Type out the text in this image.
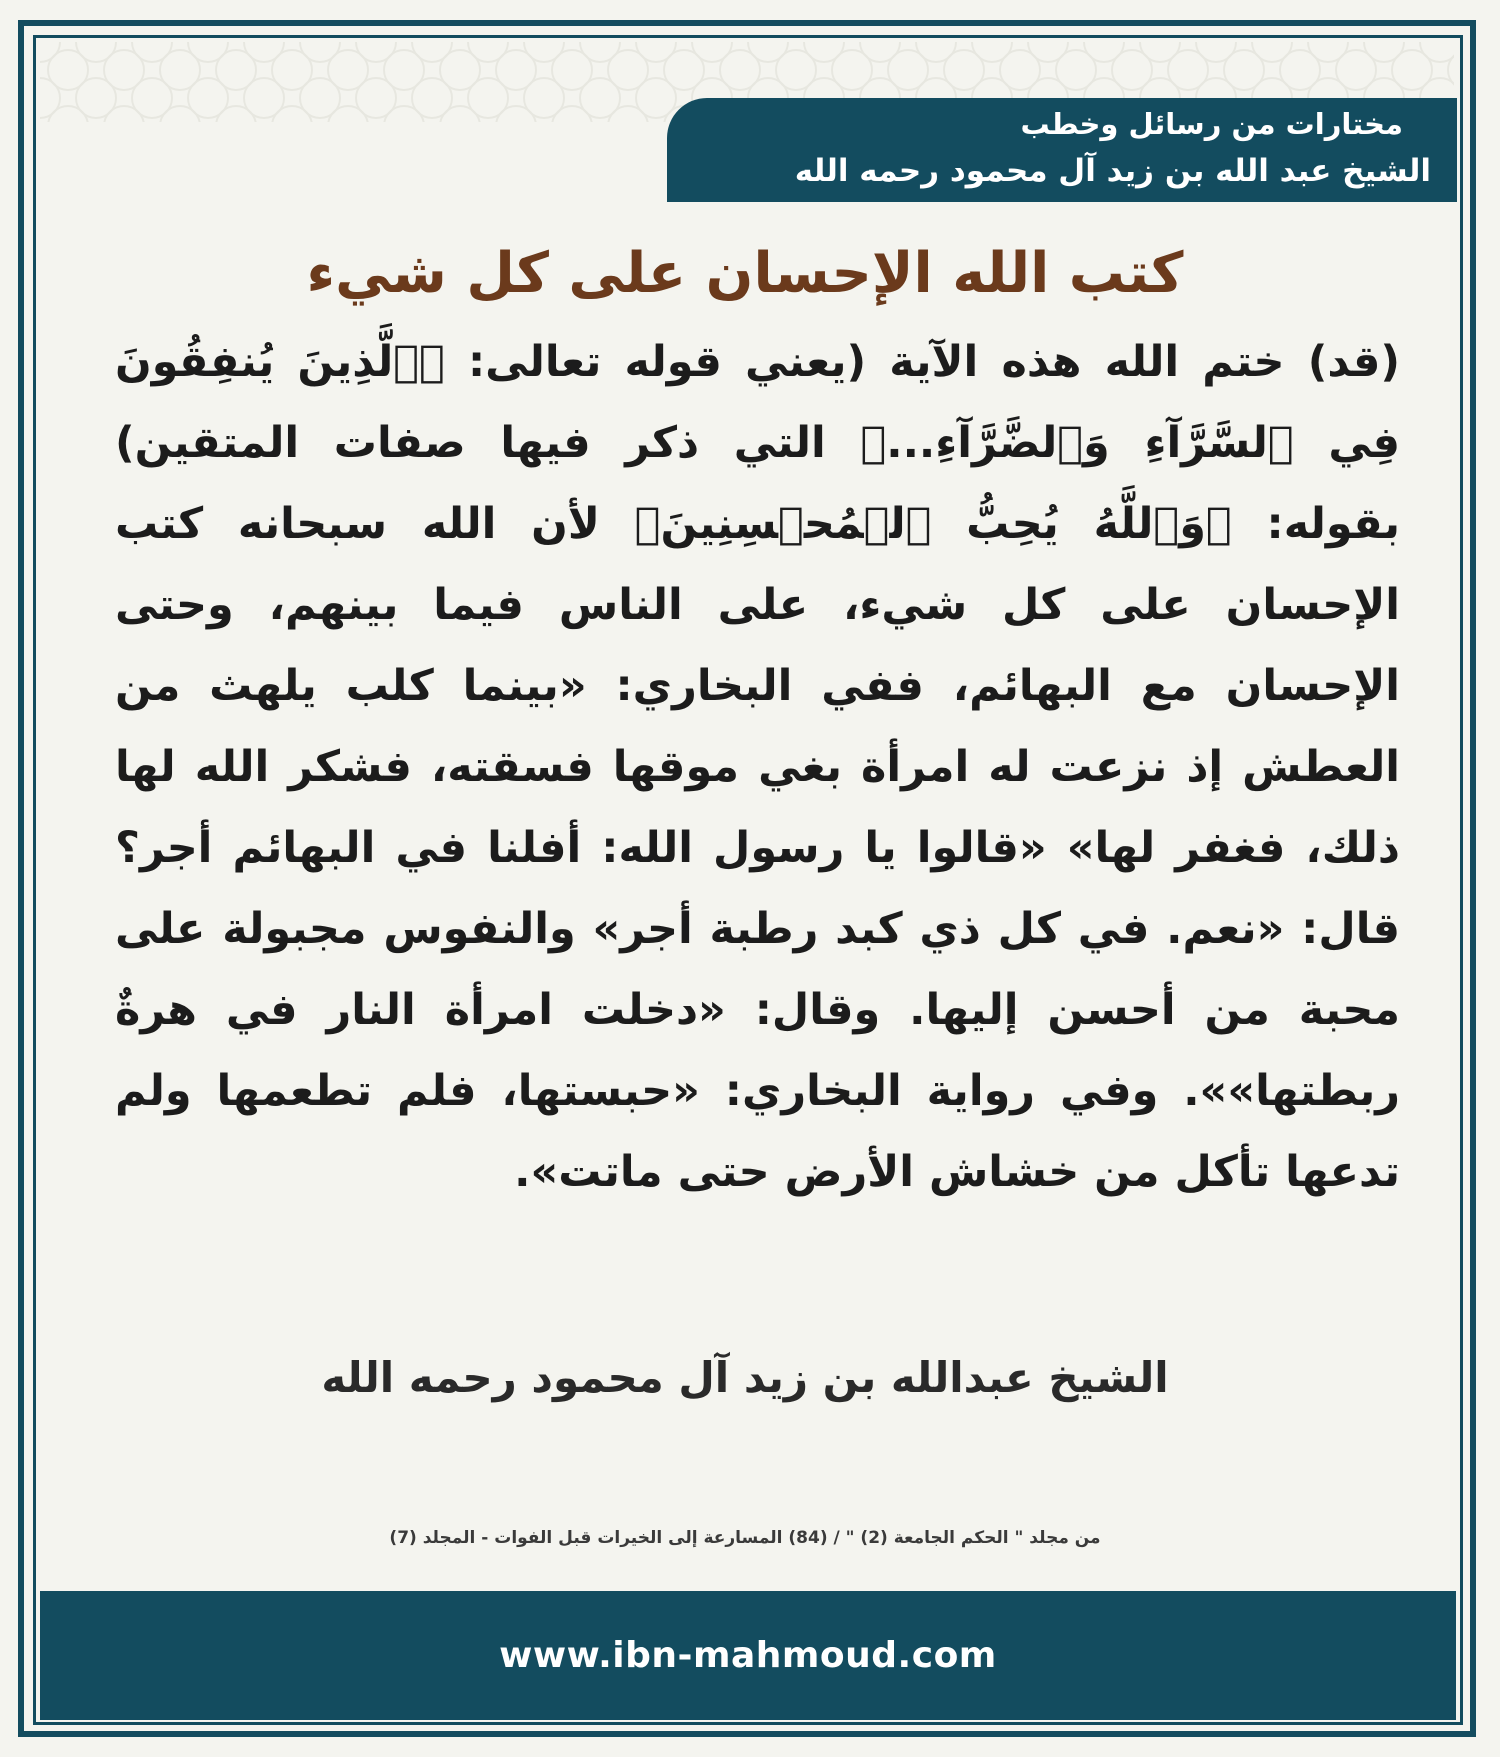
مختارات من رسائل وخطب
الشيخ عبد الله بن زيد آل محمود رحمه الله
كتب الله الإحسان على كل شيء

(قد) ختم الله هذه الآية (يعني قوله تعالى: ﴿ٱلَّذِينَ يُنفِقُونَ فِي ٱلسَّرَّآءِ وَٱلضَّرَّآءِ...﴾ التي ذكر فيها صفات المتقين) بقوله: ﴿وَٱللَّهُ يُحِبُّ ٱلۡمُحۡسِنِينَ﴾ لأن الله سبحانه كتب الإحسان على كل شيء، على الناس فيما بينهم، وحتى الإحسان مع البهائم، ففي البخاري: «بينما كلب يلهث من العطش إذ نزعت له امرأة بغي موقها فسقته، فشكر الله لها ذلك، فغفر لها» «قالوا يا رسول الله: أفلنا في البهائم أجر؟ قال: «نعم. في كل ذي كبد رطبة أجر» والنفوس مجبولة على محبة من أحسن إليها. وقال: «دخلت امرأة النار في هرةٌ ربطتها»». وفي رواية البخاري: «حبستها، فلم تطعمها ولم تدعها تأكل من خشاش الأرض حتى ماتت».

الشيخ عبدالله بن زيد آل محمود رحمه الله
من مجلد " الحكم الجامعة (2) " / (84) المسارعة إلى الخيرات قبل الفوات - المجلد (7)
www.ibn-mahmoud.com
